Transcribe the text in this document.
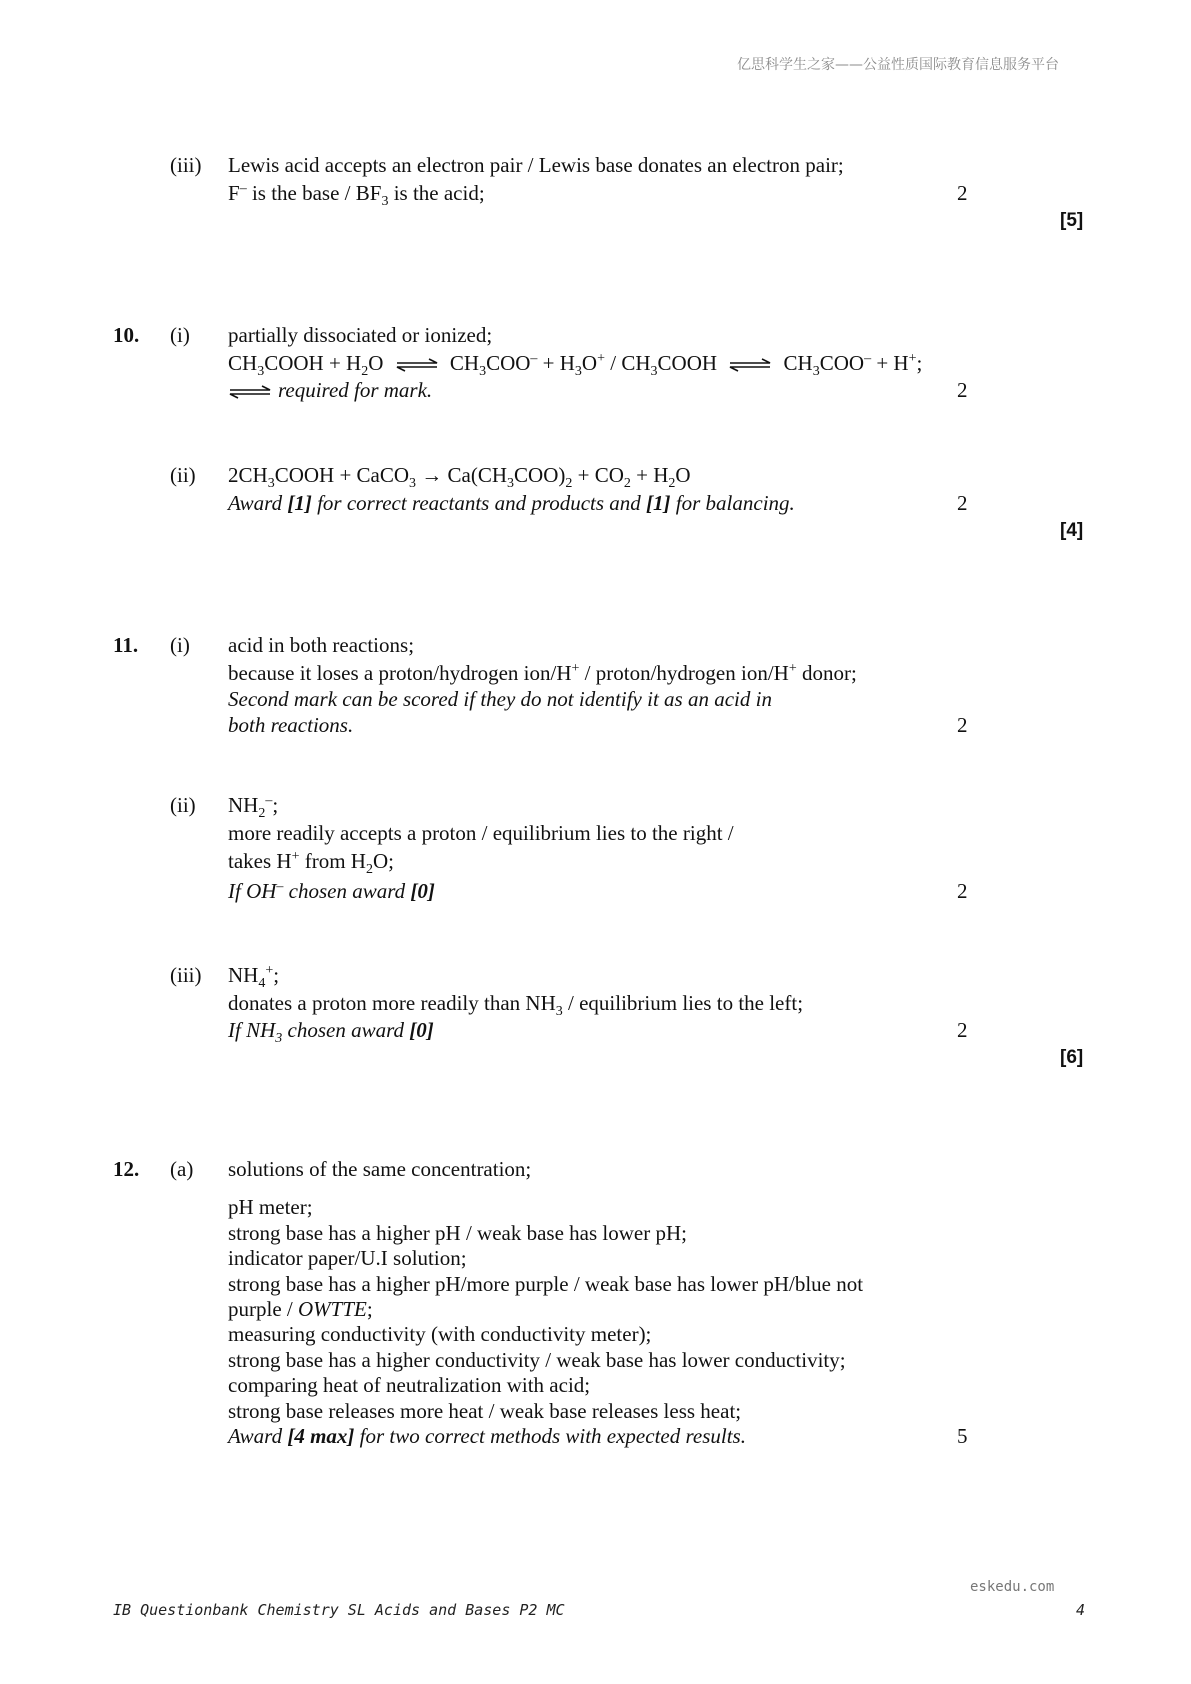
亿思科学生之家——公益性质国际教育信息服务平台
(iii) Lewis acid accepts an electron pair / Lewis base donates an electron pair;
F– is the base / $BF_3$ is the acid;	2
[5]
10. (i) partially dissociated or ionized;
$CH_3COOH + H_2O$ ⇌ $CH_3COO^- + H_3O^+$ / $CH_3COOH$ ⇌ $CH_3COO^- + H^+$;
⇌ required for mark.	2
(ii) $2CH_3COOH$ + CaCO$_3$ → $Ca(CH_3COO)_2 + CO_2 + H_2O$
Award [1] for correct reactants and products and [1] for balancing.	2
[4]
11. (i) acid in both reactions;
because it loses a proton/hydrogen ion/H+ / proton/hydrogen ion/H+ donor;
Second mark can be scored if they do not identify it as an acid in
both reactions.	2
(ii) $NH_2^-$;
more readily accepts a proton / equilibrium lies to the right /
takes H+ from $H_2O$;
If OH– chosen award [0]	2
(iii) $NH_4^+$;
donates a proton more readily than $NH_3$ / equilibrium lies to the left;
If $NH_3$ chosen award [0]	2
[6]
12. (a) solutions of the same concentration;
pH meter;
strong base has a higher pH / weak base has lower pH;
indicator paper/U.I solution;
strong base has a higher pH/more purple / weak base has lower pH/blue not
purple / OWTTE;
measuring conductivity (with conductivity meter);
strong base has a higher conductivity / weak base has lower conductivity;
comparing heat of neutralization with acid;
strong base releases more heat / weak base releases less heat;
Award [4 max] for two correct methods with expected results.	5
eskedu.com
IB Questionbank Chemistry SL Acids and Bases P2 MC	4
